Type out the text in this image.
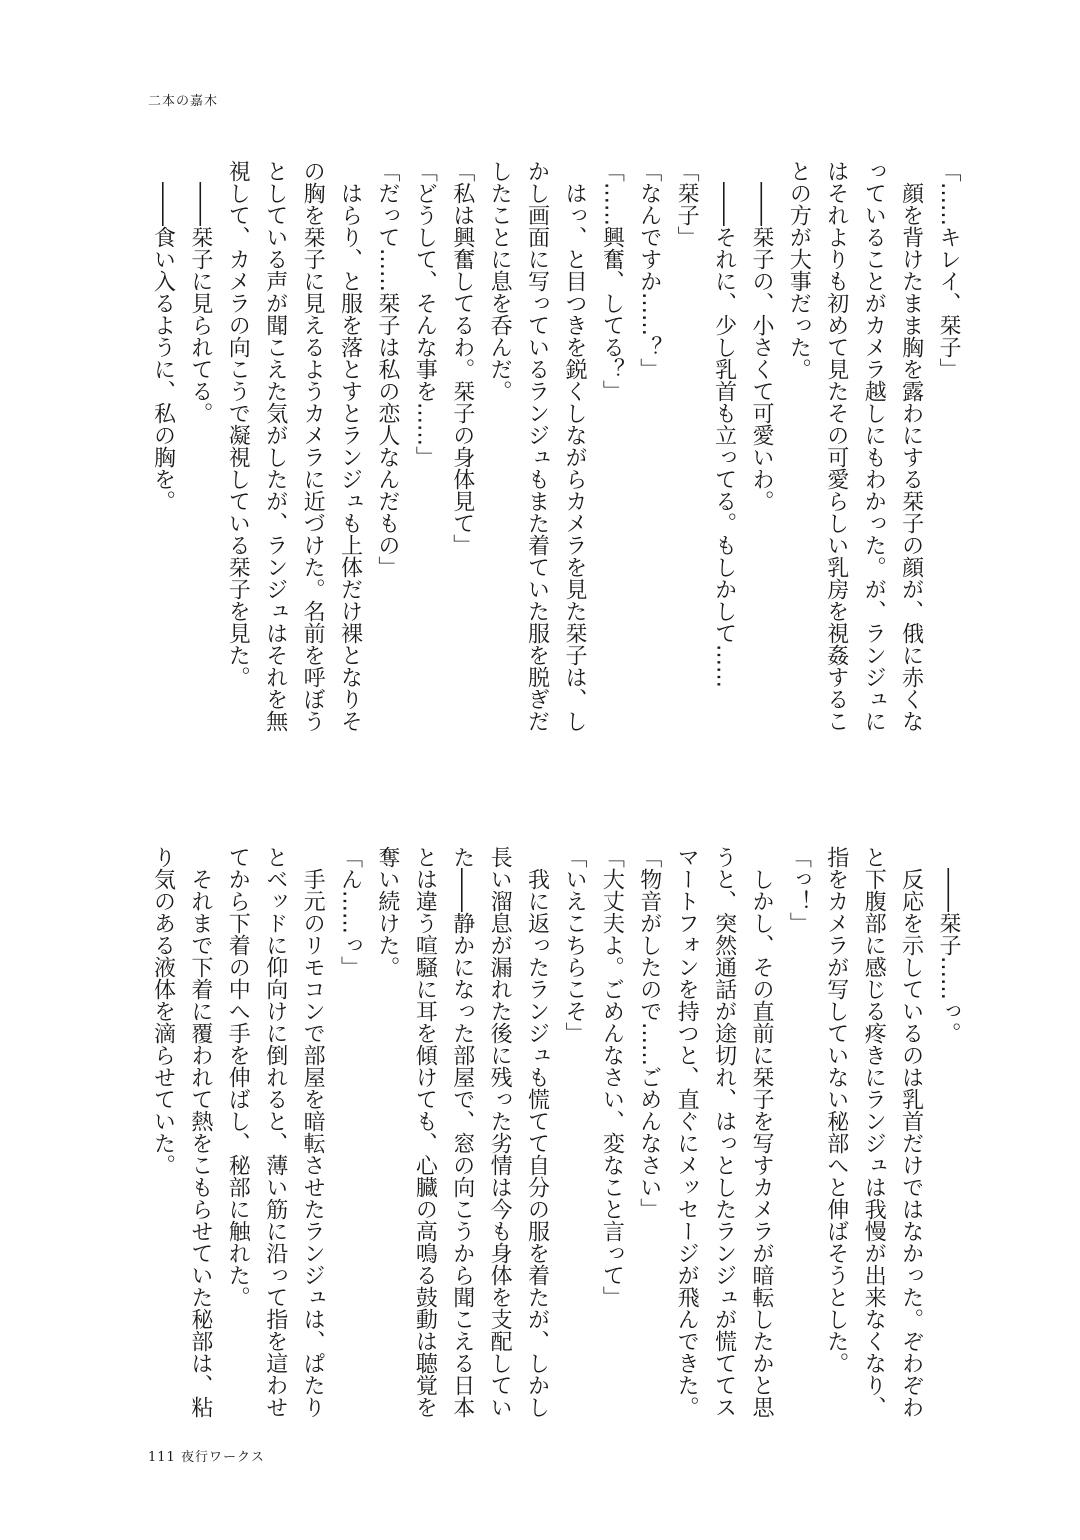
二本の嘉木
「……キレイ、栞子」
　顔を背けたまま胸を露わにする栞子の顔が、俄に赤くな
っていることがカメラ越しにもわかった。が、ランジュに
はそれよりも初めて見たその可愛らしい乳房を視姦するこ
との方が大事だった。
　――栞子の、小さくて可愛いわ。
　――それに、少し乳首も立ってる。もしかして……
「栞子」
「なんですか……？」
「……興奮、してる？」
　はっ、と目つきを鋭くしながらカメラを見た栞子は、し
かし画面に写っているランジュもまた着ていた服を脱ぎだ
したことに息を呑んだ。
「私は興奮してるわ。栞子の身体見て」
「どうして、そんな事を……」
「だって……栞子は私の恋人なんだもの」
　はらり、と服を落とすとランジュも上体だけ裸となりそ
の胸を栞子に見えるようカメラに近づけた。名前を呼ぼう
としている声が聞こえた気がしたが、ランジュはそれを無
視して、カメラの向こうで凝視している栞子を見た。
　――栞子に見られてる。
　――食い入るように、私の胸を。
　――栞子……っ。
　反応を示しているのは乳首だけではなかった。ぞわぞわ
と下腹部に感じる疼きにランジュは我慢が出来なくなり、
指をカメラが写していない秘部へと伸ばそうとした。
「っ！」
　しかし、その直前に栞子を写すカメラが暗転したかと思
うと、突然通話が途切れ、はっとしたランジュが慌ててス
マートフォンを持つと、直ぐにメッセージが飛んできた。
「物音がしたので……ごめんなさい」
「大丈夫よ。ごめんなさい、変なこと言って」
「いえこちらこそ」
　我に返ったランジュも慌てて自分の服を着たが、しかし
長い溜息が漏れた後に残った劣情は今も身体を支配してい
た――静かになった部屋で、窓の向こうから聞こえる日本
とは違う喧騒に耳を傾けても、心臓の高鳴る鼓動は聴覚を
奪い続けた。
「ん……っ」
　手元のリモコンで部屋を暗転させたランジュは、ぱたり
とベッドに仰向けに倒れると、薄い筋に沿って指を這わせ
てから下着の中へ手を伸ばし、秘部に触れた。
　それまで下着に覆われて熱をこもらせていた秘部は、粘
り気のある液体を滴らせていた。
111 夜行ワークス
